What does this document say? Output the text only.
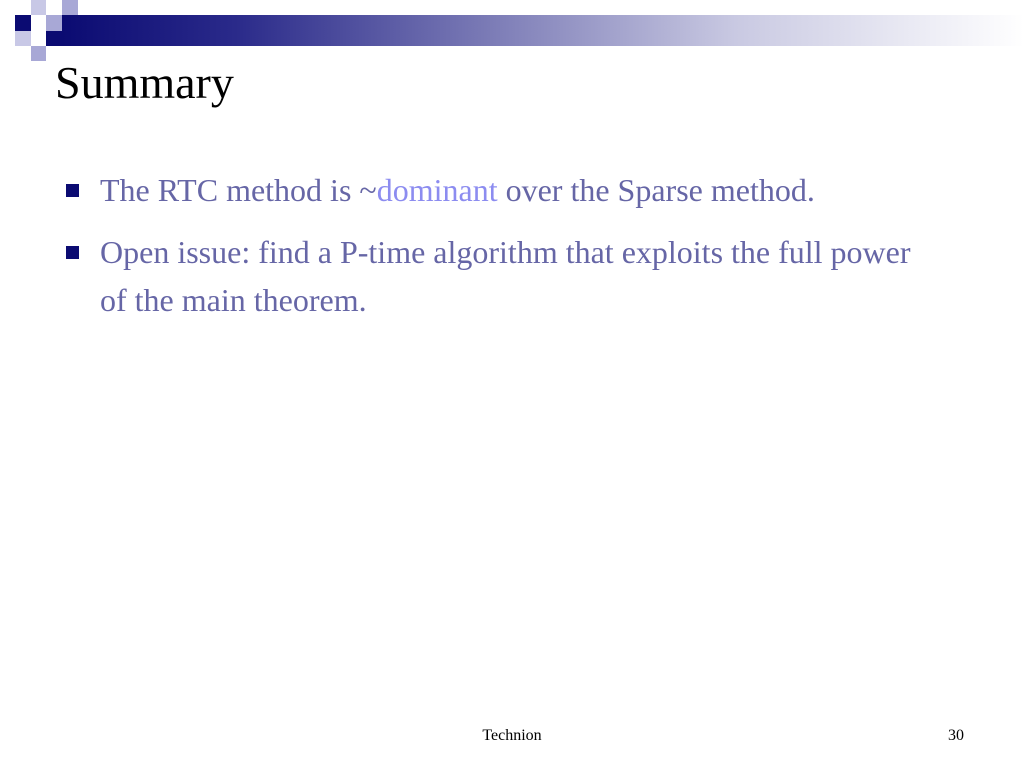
Summary
The RTC method is ~dominant over the Sparse method.
Open issue: find a P-time algorithm that exploits the full power of the main theorem.
Technion	30
